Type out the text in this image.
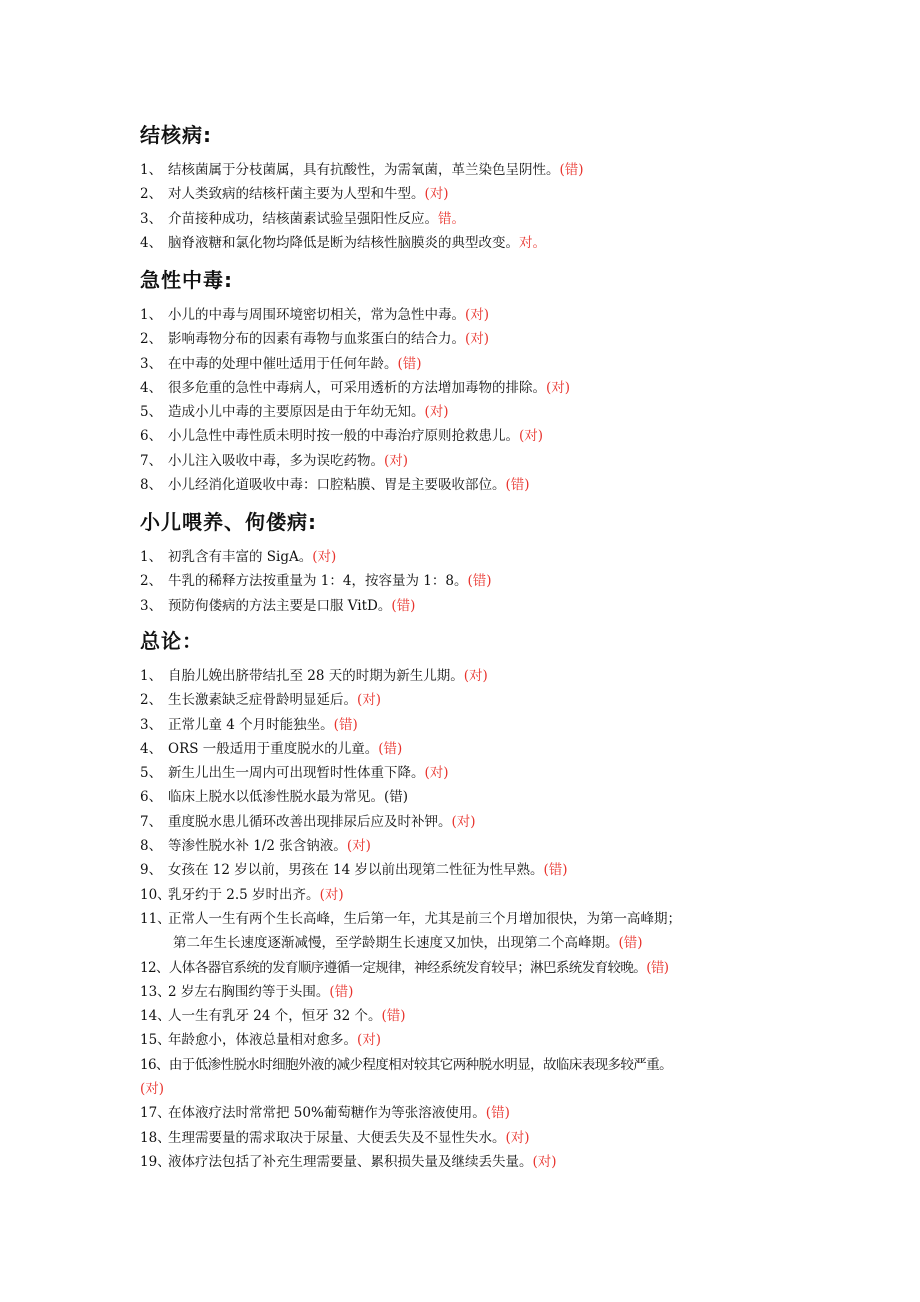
结核病:
1、 结核菌属于分枝菌属，具有抗酸性，为需氧菌，革兰染色呈阴性。(错)
2、 对人类致病的结核杆菌主要为人型和牛型。(对)
3、 介苗接种成功，结核菌素试验呈强阳性反应。错。
4、 脑脊液糖和氯化物均降低是断为结核性脑膜炎的典型改变。对。
急性中毒:
1、 小儿的中毒与周围环境密切相关，常为急性中毒。(对)
2、 影响毒物分布的因素有毒物与血浆蛋白的结合力。(对)
3、 在中毒的处理中催吐适用于任何年龄。(错)
4、 很多危重的急性中毒病人，可采用透析的方法增加毒物的排除。(对)
5、 造成小儿中毒的主要原因是由于年幼无知。(对)
6、 小儿急性中毒性质未明时按一般的中毒治疗原则抢救患儿。(对)
7、 小儿注入吸收中毒，多为误吃药物。(对)
8、 小儿经消化道吸收中毒：口腔粘膜、胃是主要吸收部位。(错)
小儿喂养、佝偻病:
1、 初乳含有丰富的 SigA。(对)
2、 牛乳的稀释方法按重量为 1：4，按容量为 1：8。(错)
3、 预防佝偻病的方法主要是口服 VitD。(错)
总论：
1、 自胎儿娩出脐带结扎至 28 天的时期为新生儿期。(对)
2、 生长激素缺乏症骨龄明显延后。(对)
3、 正常儿童 4 个月时能独坐。(错)
4、 ORS 一般适用于重度脱水的儿童。(错)
5、 新生儿出生一周内可出现暂时性体重下降。(对)
6、 临床上脱水以低渗性脱水最为常见。(错)
7、 重度脱水患儿循环改善出现排尿后应及时补钾。(对)
8、 等渗性脱水补 1/2 张含钠液。(对)
9、 女孩在 12 岁以前，男孩在 14 岁以前出现第二性征为性早熟。(错)
10、乳牙约于 2.5 岁时出齐。(对)
11、正常人一生有两个生长高峰，生后第一年，尤其是前三个月增加很快，为第一高峰期；
第二年生长速度逐渐减慢，至学龄期生长速度又加快，出现第二个高峰期。(错)
12、人体各器官系统的发育顺序遵循一定规律，神经系统发育较早；淋巴系统发育较晚。(错)
13、2 岁左右胸围约等于头围。(错)
14、人一生有乳牙 24 个，恒牙 32 个。(错)
15、年龄愈小，体液总量相对愈多。(对)
16、由于低渗性脱水时细胞外液的减少程度相对较其它两种脱水明显，故临床表现多较严重。
(对)
17、在体液疗法时常常把 50%葡萄糖作为等张溶液使用。(错)
18、生理需要量的需求取决于尿量、大便丢失及不显性失水。(对)
19、液体疗法包括了补充生理需要量、累积损失量及继续丢失量。(对)
